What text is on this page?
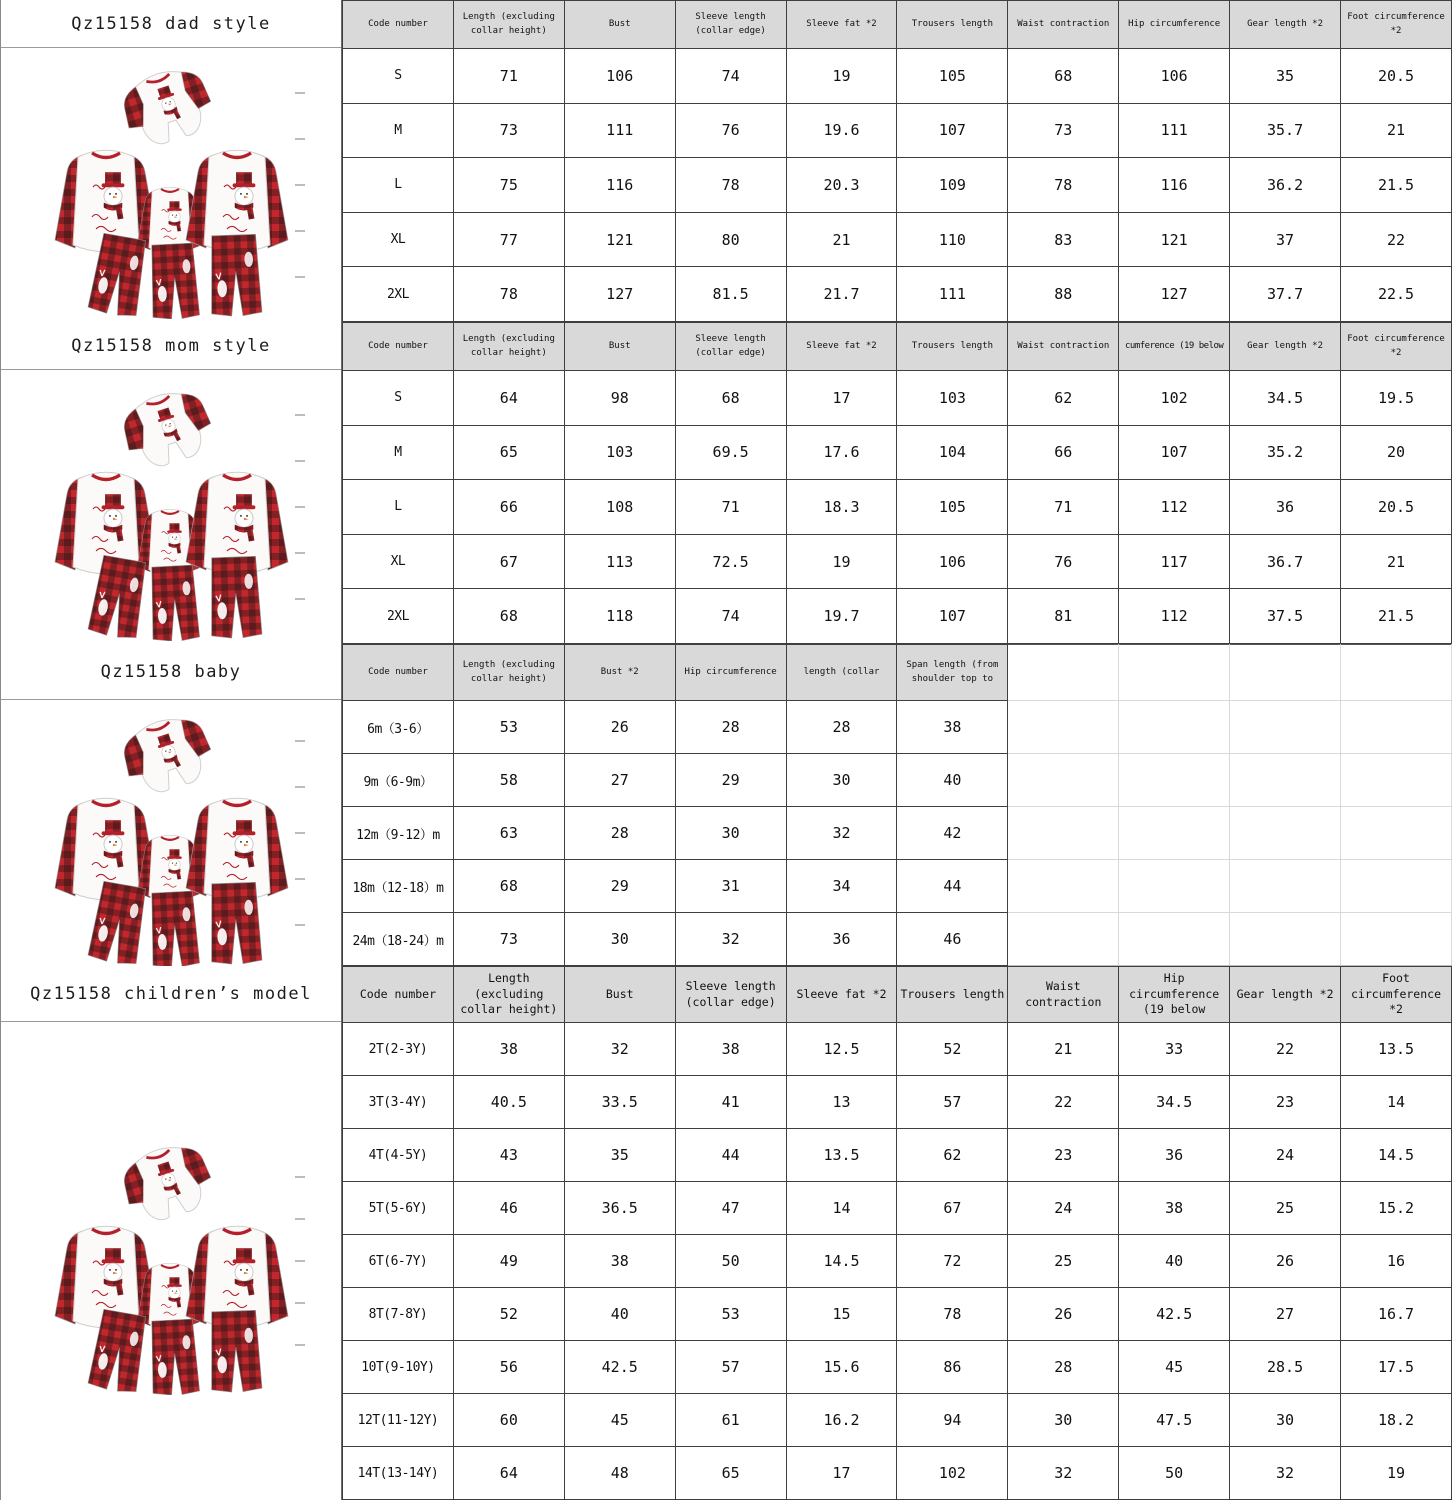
Qz15158 dad style	Code number	Length (excluding collar height)	Bust	Sleeve length (collar edge)	Sleeve fat *2	Trousers length	Waist contraction	Hip circumference	Gear length *2	Foot circumference *2
S	71	106	74	19	105	68	106	35	20.5
M	73	111	76	19.6	107	73	111	35.7	21
L	75	116	78	20.3	109	78	116	36.2	21.5
XL	77	121	80	21	110	83	121	37	22
2XL	78	127	81.5	21.7	111	88	127	37.7	22.5
Qz15158 mom style	Code number	Length (excluding collar height)	Bust	Sleeve length (collar edge)	Sleeve fat *2	Trousers length	Waist contraction	cumference (19 below	Gear length *2	Foot circumference *2
S	64	98	68	17	103	62	102	34.5	19.5
M	65	103	69.5	17.6	104	66	107	35.2	20
L	66	108	71	18.3	105	71	112	36	20.5
XL	67	113	72.5	19	106	76	117	36.7	21
2XL	68	118	74	19.7	107	81	112	37.5	21.5
Qz15158 baby	Code number	Length (excluding collar height)	Bust *2	Hip circumference	length (collar	Span length (from shoulder top to				
6m（3-6）	53	26	28	28	38				
9m（6-9m）	58	27	29	30	40				
12m（9-12）m	63	28	30	32	42				
18m（12-18）m	68	29	31	34	44				
24m（18-24）m	73	30	32	36	46				
Qz15158 children’s model	Code number	Length (excluding collar height)	Bust	Sleeve length (collar edge)	Sleeve fat *2	Trousers length	Waist contraction	Hip circumference (19 below	Gear length *2	Foot circumference *2
2T(2-3Y)	38	32	38	12.5	52	21	33	22	13.5
3T(3-4Y)	40.5	33.5	41	13	57	22	34.5	23	14
4T(4-5Y)	43	35	44	13.5	62	23	36	24	14.5
5T(5-6Y)	46	36.5	47	14	67	24	38	25	15.2
6T(6-7Y)	49	38	50	14.5	72	25	40	26	16
8T(7-8Y)	52	40	53	15	78	26	42.5	27	16.7
10T(9-10Y)	56	42.5	57	15.6	86	28	45	28.5	17.5
12T(11-12Y)	60	45	61	16.2	94	30	47.5	30	18.2
14T(13-14Y)	64	48	65	17	102	32	50	32	19
